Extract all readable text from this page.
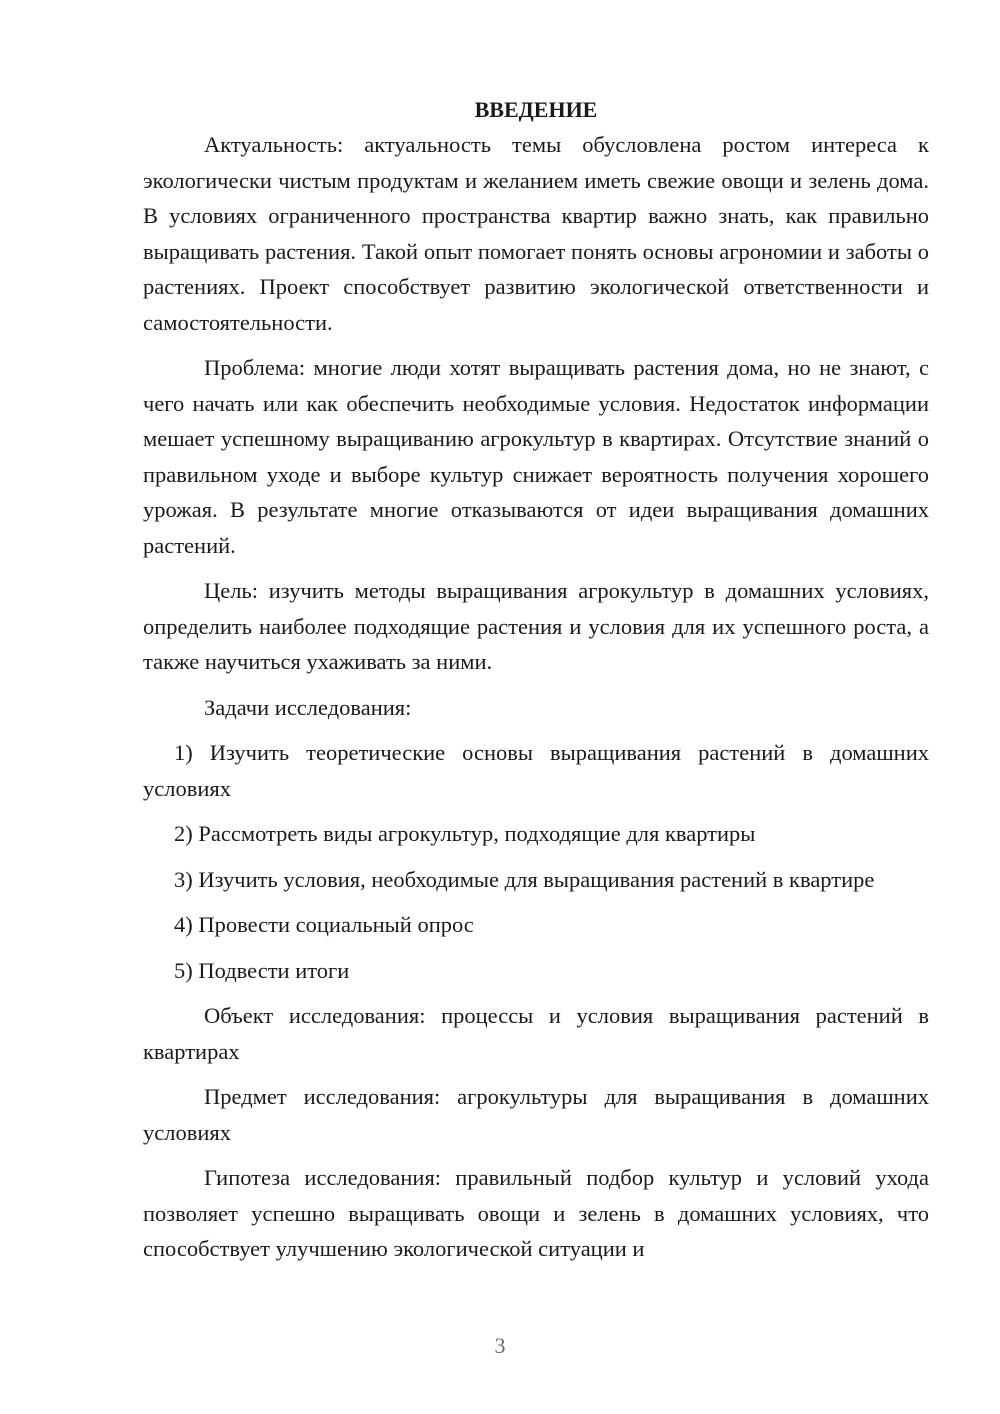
ВВЕДЕНИЕ

Актуальность: актуальность темы обусловлена ростом интереса к экологически чистым продуктам и желанием иметь свежие овощи и зелень дома. В условиях ограниченного пространства квартир важно знать, как правильно выращивать растения. Такой опыт помогает понять основы агрономии и заботы о растениях. Проект способствует развитию экологической ответственности и самостоятельности.

Проблема: многие люди хотят выращивать растения дома, но не знают, с чего начать или как обеспечить необходимые условия. Недостаток информации мешает успешному выращиванию агрокультур в квартирах. Отсутствие знаний о правильном уходе и выборе культур снижает вероятность получения хорошего урожая. В результате многие отказываются от идеи выращивания домашних растений.

Цель: изучить методы выращивания агрокультур в домашних условиях, определить наиболее подходящие растения и условия для их успешного роста, а также научиться ухаживать за ними.

Задачи исследования:

1) Изучить теоретические основы выращивания растений в домашних условиях

2) Рассмотреть виды агрокультур, подходящие для квартиры

3) Изучить условия, необходимые для выращивания растений в квартире

4) Провести социальный опрос

5) Подвести итоги

Объект исследования: процессы и условия выращивания растений в квартирах

Предмет исследования: агрокультуры для выращивания в домашних условиях

Гипотеза исследования: правильный подбор культур и условий ухода позволяет успешно выращивать овощи и зелень в домашних условиях, что способствует улучшению экологической ситуации и

3
